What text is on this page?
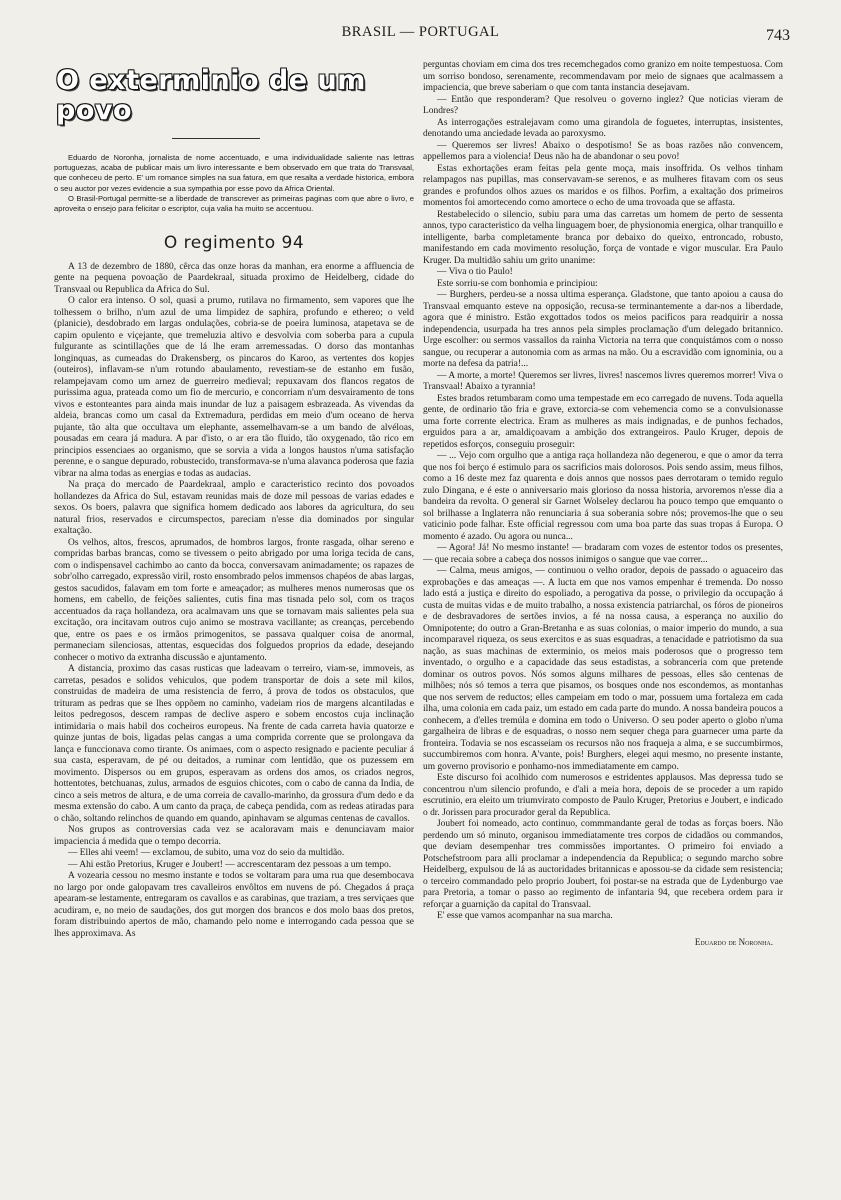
BRASIL — PORTUGAL	743
O exterminio de um povo

Eduardo de Noronha, jornalista de nome accentuado, e uma individualidade saliente nas lettras portuguezas, acaba de publicar mais um livro interessante e bem observado em que trata do Transvaal, que conheceu de perto. E' um romance simples na sua fatura, em que resalta a verdade historica, embora o seu auctor por vezes evidencie a sua sympathia por esse povo da Africa Oriental.

O Brasil-Portugal permitte-se a liberdade de transcrever as primeiras paginas com que abre o livro, e aproveita o ensejo para felicitar o escriptor, cuja valia ha muito se accentuou.

O regimento 94

A 13 de dezembro de 1880, cêrca das onze horas da manhan, era enorme a affluencia de gente na pequena povoação de Paardekraal, situada proximo de Heidelberg, cidade do Transvaal ou Republica da Africa do Sul.

O calor era intenso. O sol, quasi a prumo, rutilava no firmamento, sem vapores que lhe tolhessem o brilho, n'um azul de uma limpidez de saphira, profundo e ethereo; o veld (planicie), desdobrado em largas ondulações, cobria-se de poeira luminosa, atapetava se de capim opulento e viçejante, que tremeluzia altivo e desvolvia com soberba para a cupula fulgurante as scintillações que de lá lhe eram arremessadas. O dorso das montanhas longinquas, as cumeadas do Drakensberg, os pincaros do Karoo, as vertentes dos kopjes (outeiros), inflavam-se n'um rotundo abaulamento, revestiam-se de estanho em fusão, relampejavam como um arnez de guerreiro medieval; repuxavam dos flancos regatos de purissima agua, prateada como um fio de mercurio, e concorriam n'um desvairamento de tons vivos e estonteantes para ainda mais inundar de luz a paisagem esbrazeada. As vivendas da aldeia, brancas como um casal da Extremadura, perdidas em meio d'um oceano de herva pujante, tão alta que occultava um elephante, assemelhavam-se a um bando de alvéloas, pousadas em ceara já madura. A par d'isto, o ar era tão fluido, tão oxygenado, tão rico em principios essenciaes ao organismo, que se sorvia a vida a longos haustos n'uma satisfação perenne, e o sangue depurado, robustecido, transformava-se n'uma alavanca poderosa que fazia vibrar na alma todas as energias e todas as audacias.

Na praça do mercado de Paardekraal, amplo e caracteristico recinto dos povoados hollandezes da Africa do Sul, estavam reunidas mais de doze mil pessoas de varias edades e sexos. Os boers, palavra que significa homem dedicado aos labores da agricultura, do seu natural frios, reservados e circumspectos, pareciam n'esse dia dominados por singular exaltação.

Os velhos, altos, frescos, aprumados, de hombros largos, fronte rasgada, olhar sereno e compridas barbas brancas, como se tivessem o peito abrigado por uma loriga tecida de cans, com o indispensavel cachimbo ao canto da bocca, conversavam animadamente; os rapazes de sobr'olho carregado, expressão viril, rosto ensombrado pelos immensos chapéos de abas largas, gestos sacudidos, falavam em tom forte e ameaçador; as mulheres menos numerosas que os homens, em cabello, de feições salientes, cutis fina mas tisnada pelo sol, com os traços accentuados da raça hollandeza, ora acalmavam uns que se tornavam mais salientes pela sua excitação, ora incitavam outros cujo animo se mostrava vacillante; as creanças, percebendo que, entre os paes e os irmãos primogenitos, se passava qualquer coisa de anormal, permaneciam silenciosas, attentas, esquecidas dos folguedos proprios da edade, desejando conhecer o motivo da extranha discussão e ajuntamento.

A distancia, proximo das casas rusticas que ladeavam o terreiro, viam-se, immoveis, as carretas, pesados e solidos vehiculos, que podem transportar de dois a sete mil kilos, construidas de madeira de uma resistencia de ferro, á prova de todos os obstaculos, que trituram as pedras que se lhes oppõem no caminho, vadeiam rios de margens alcantiladas e leitos pedregosos, descem rampas de declive aspero e sobem encostos cuja inclinação intimidaria o mais habil dos cocheiros europeus. Na frente de cada carreta havia quatorze e quinze juntas de bois, ligadas pelas cangas a uma comprida corrente que se prolongava da lança e funccionava como tirante. Os animaes, com o aspecto resignado e paciente peculiar á sua casta, esperavam, de pé ou deitados, a ruminar com lentidão, que os puzessem em movimento. Dispersos ou em grupos, esperavam as ordens dos amos, os criados negros, hottentotes, betchuanas, zulus, armados de esguios chicotes, com o cabo de canna da India, de cinco a seis metros de altura, e de uma correia de cavallo-marinho, da grossura d'um dedo e da mesma extensão do cabo. A um canto da praça, de cabeça pendida, com as redeas atiradas para o chão, soltando relinchos de quando em quando, apinhavam se algumas centenas de cavallos.

Nos grupos as controversias cada vez se acaloravam mais e denunciavam maior impaciencia á medida que o tempo decorria.

— Elles ahi veem! — exclamou, de subito, uma voz do seio da multidão.

— Ahi estão Pretorius, Kruger e Joubert! — accrescentaram dez pessoas a um tempo.

A vozearia cessou no mesmo instante e todos se voltaram para uma rua que desembocava no largo por onde galopavam tres cavalleiros envôltos em nuvens de pó. Chegados á praça apearam-se lestamente, entregaram os cavallos e as carabinas, que traziam, a tres serviçaes que acudiram, e, no meio de saudações, dos gut morgen dos brancos e dos molo baas dos pretos, foram distribuindo apertos de mão, chamando pelo nome e interrogando cada pessoa que se lhes approximava. As

perguntas choviam em cima dos tres recemchegados como granizo em noite tempestuosa. Com um sorriso bondoso, serenamente, recommendavam por meio de signaes que acalmassem a impaciencia, que breve saberiam o que com tanta instancia desejavam.

— Então que responderam? Que resolveu o governo inglez? Que noticias vieram de Londres?

As interrogações estralejavam como uma girandola de foguetes, interruptas, insistentes, denotando uma anciedade levada ao paroxysmo.

— Queremos ser livres! Abaixo o despotismo! Se as boas razões não convencem, appellemos para a violencia! Deus não ha de abandonar o seu povo!

Estas exhortações eram feitas pela gente moça, mais insoffrida. Os velhos tinham relampagos nas pupillas, mas conservavam-se serenos, e as mulheres fitavam com os seus grandes e profundos olhos azues os maridos e os filhos. Porfim, a exaltação dos primeiros momentos foi amortecendo como amortece o echo de uma trovoada que se affasta.

Restabelecido o silencio, subiu para uma das carretas um homem de perto de sessenta annos, typo caracteristico da velha linguagem boer, de physionomia energica, olhar tranquillo e intelligente, barba completamente branca por debaixo do queixo, entroncado, robusto, manifestando em cada movimento resolução, força de vontade e vigor muscular. Era Paulo Kruger. Da multidão sahiu um grito unanime:

— Viva o tio Paulo!

Este sorriu-se com bonhomia e principiou:

— Burghers, perdeu-se a nossa ultima esperança. Gladstone, que tanto apoiou a causa do Transvaal emquanto esteve na opposição, recusa-se terminantemente a dar-nos a liberdade, agora que é ministro. Estão exgottados todos os meios pacificos para readquirir a nossa independencia, usurpada ha tres annos pela simples proclamação d'um delegado britannico. Urge escolher: ou sermos vassallos da rainha Victoria na terra que conquistámos com o nosso sangue, ou recuperar a autonomia com as armas na mão. Ou a escravidão com ignominia, ou a morte na defesa da patria!...

— A morte, a morte! Queremos ser livres, livres! nascemos livres queremos morrer! Viva o Transvaal! Abaixo a tyrannia!

Estes brados retumbaram como uma tempestade em eco carregado de nuvens. Toda aquella gente, de ordinario tão fria e grave, extorcia-se com vehemencia como se a convulsionasse uma forte corrente electrica. Eram as mulheres as mais indignadas, e de punhos fechados, erguidos para a ar, amaldiçoavam a ambição dos extrangeiros. Paulo Kruger, depois de repetidos esforços, conseguiu proseguir:

— ... Vejo com orgulho que a antiga raça hollandeza não degenerou, e que o amor da terra que nos foi berço é estimulo para os sacrificios mais dolorosos. Pois sendo assim, meus filhos, como a 16 deste mez faz quarenta e dois annos que nossos paes derrotaram o temido regulo zulo Dingana, e é este o anniversario mais glorioso da nossa historia, arvoremos n'esse dia a bandeira da revolta. O general sir Garnet Wolseley declarou ha pouco tempo que emquanto o sol brilhasse a Inglaterra não renunciaria á sua soberania sobre nós; provemos-lhe que o seu vaticinio pode falhar. Este official regressou com uma boa parte das suas tropas á Europa. O momento é azado. Ou agora ou nunca...

— Agora! Já! No mesmo instante! — bradaram com vozes de estentor todos os presentes, — que recaia sobre a cabeça dos nossos inimigos o sangue que vae correr...

— Calma, meus amigos, — continuou o velho orador, depois de passado o aguaceiro das exprobações e das ameaças —. A lucta em que nos vamos empenhar é tremenda. Do nosso lado está a justiça e direito do espoliado, a perogativa da posse, o privilegio da occupação á custa de muitas vidas e de muito trabalho, a nossa existencia patriarchal, os fóros de pioneiros e de desbravadores de sertões invios, a fé na nossa causa, a esperança no auxilio do Omnipotente; do outro a Gran-Bretanha e as suas colonias, o maior imperio do mundo, a sua incomparavel riqueza, os seus exercitos e as suas esquadras, a tenacidade e patriotismo da sua nação, as suas machinas de exterminio, os meios mais poderosos que o progresso tem inventado, o orgulho e a capacidade das seus estadistas, a sobranceria com que pretende dominar os outros povos. Nós somos alguns milhares de pessoas, elles são centenas de milhões; nós só temos a terra que pisamos, os bosques onde nos escondemos, as montanhas que nos servem de reductos; elles campeiam em todo o mar, possuem uma fortaleza em cada ilha, uma colonia em cada paiz, um estado em cada parte do mundo. A nossa bandeira poucos a conhecem, a d'elles tremúla e domina em todo o Universo. O seu poder aperto o globo n'uma gargalheira de libras e de esquadras, o nosso nem sequer chega para guarnecer uma parte da fronteira. Todavia se nos escasseiam os recursos não nos fraqueja a alma, e se succumbirmos, succumbiremos com honra. A'vante, pois! Burghers, elegei aqui mesmo, no presente instante, um governo provisorio e ponhamo-nos immediatamente em campo.

Este discurso foi acolhido com numerosos e estridentes applausos. Mas depressa tudo se concentrou n'um silencio profundo, e d'ali a meia hora, depois de se proceder a um rapido escrutinio, era eleito um triumvirato composto de Paulo Kruger, Pretorius e Joubert, e indicado o dr. Jorissen para procurador geral da Republica.

Joubert foi nomeado, acto continuo, commmandante geral de todas as forças boers. Não perdendo um só minuto, organisou immediatamente tres corpos de cidadãos ou commandos, que deviam desempenhar tres commissões importantes. O primeiro foi enviado a Potschefstroom para alli proclamar a independencia da Republica; o segundo marcho sobre Heidelberg, expulsou de lá as auctoridades britannicas e apossou-se da cidade sem resistencia; o terceiro commandado pelo proprio Joubert, foi postar-se na estrada que de Lydenburgo vae para Pretoria, a tomar o passo ao regimento de infantaria 94, que recebera ordem para ir reforçar a guarnição da capital do Transvaal.

E' esse que vamos acompanhar na sua marcha.

Eduardo de Noronha.
